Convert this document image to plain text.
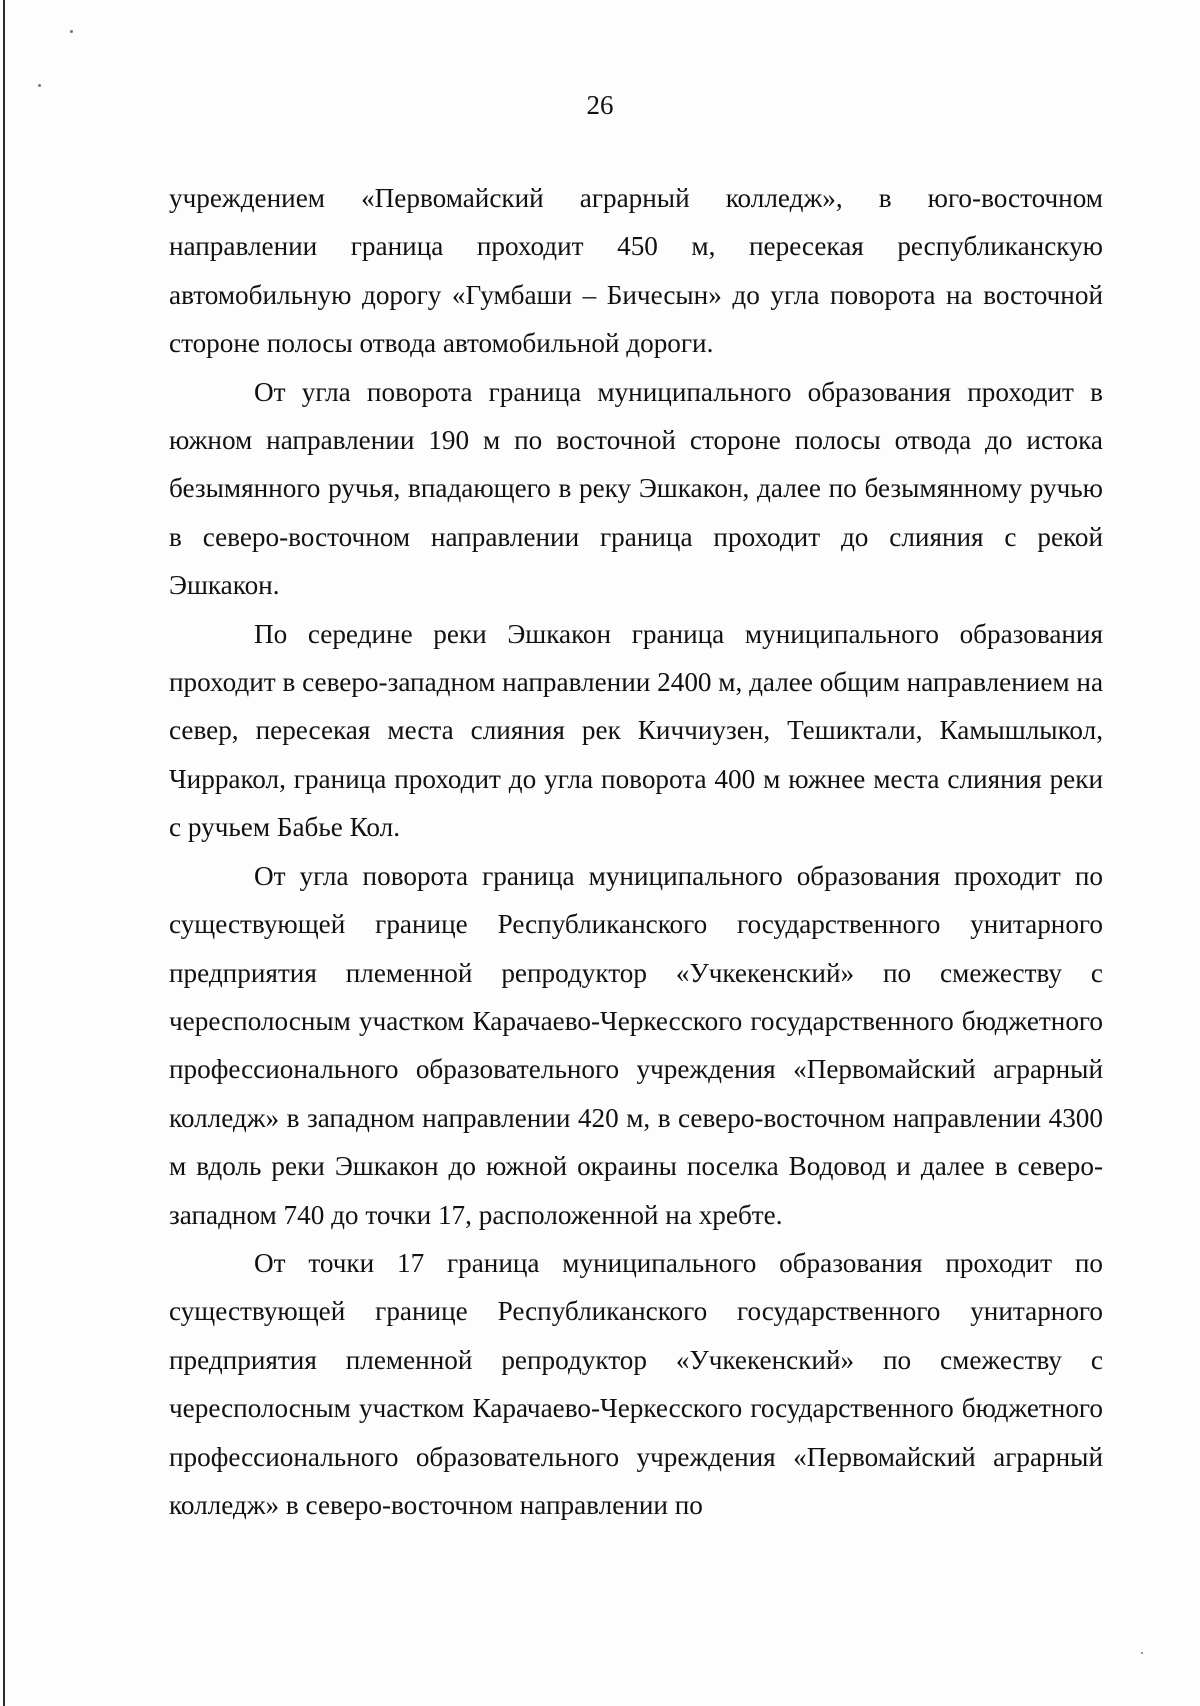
26

учреждением «Первомайский аграрный колледж», в юго-восточном направлении граница проходит 450 м, пересекая республиканскую автомобильную дорогу «Гумбаши – Бичесын» до угла поворота на восточной стороне полосы отвода автомобильной дороги.

От угла поворота граница муниципального образования проходит в южном направлении 190 м по восточной стороне полосы отвода до истока безымянного ручья, впадающего в реку Эшкакон, далее по безымянному ручью в северо-восточном направлении граница проходит до слияния с рекой Эшкакон.

По середине реки Эшкакон граница муниципального образования проходит в северо-западном направлении 2400 м, далее общим направлением на север, пересекая места слияния рек Киччиузен, Тешиктали, Камышлыкол, Чирракол, граница проходит до угла поворота 400 м южнее места слияния реки с ручьем Бабье Кол.

От угла поворота граница муниципального образования проходит по существующей границе Республиканского государственного унитарного предприятия племенной репродуктор «Учкекенский» по смежеству с чересполосным участком Карачаево-Черкесского государственного бюджетного профессионального образовательного учреждения «Первомайский аграрный колледж» в западном направлении 420 м, в северо-восточном направлении 4300 м вдоль реки Эшкакон до южной окраины поселка Водовод и далее в северо-западном 740 до точки 17, расположенной на хребте.

От точки 17 граница муниципального образования проходит по существующей границе Республиканского государственного унитарного предприятия племенной репродуктор «Учкекенский» по смежеству с чересполосным участком Карачаево-Черкесского государственного бюджетного профессионального образовательного учреждения «Первомайский аграрный колледж» в северо-восточном направлении по
